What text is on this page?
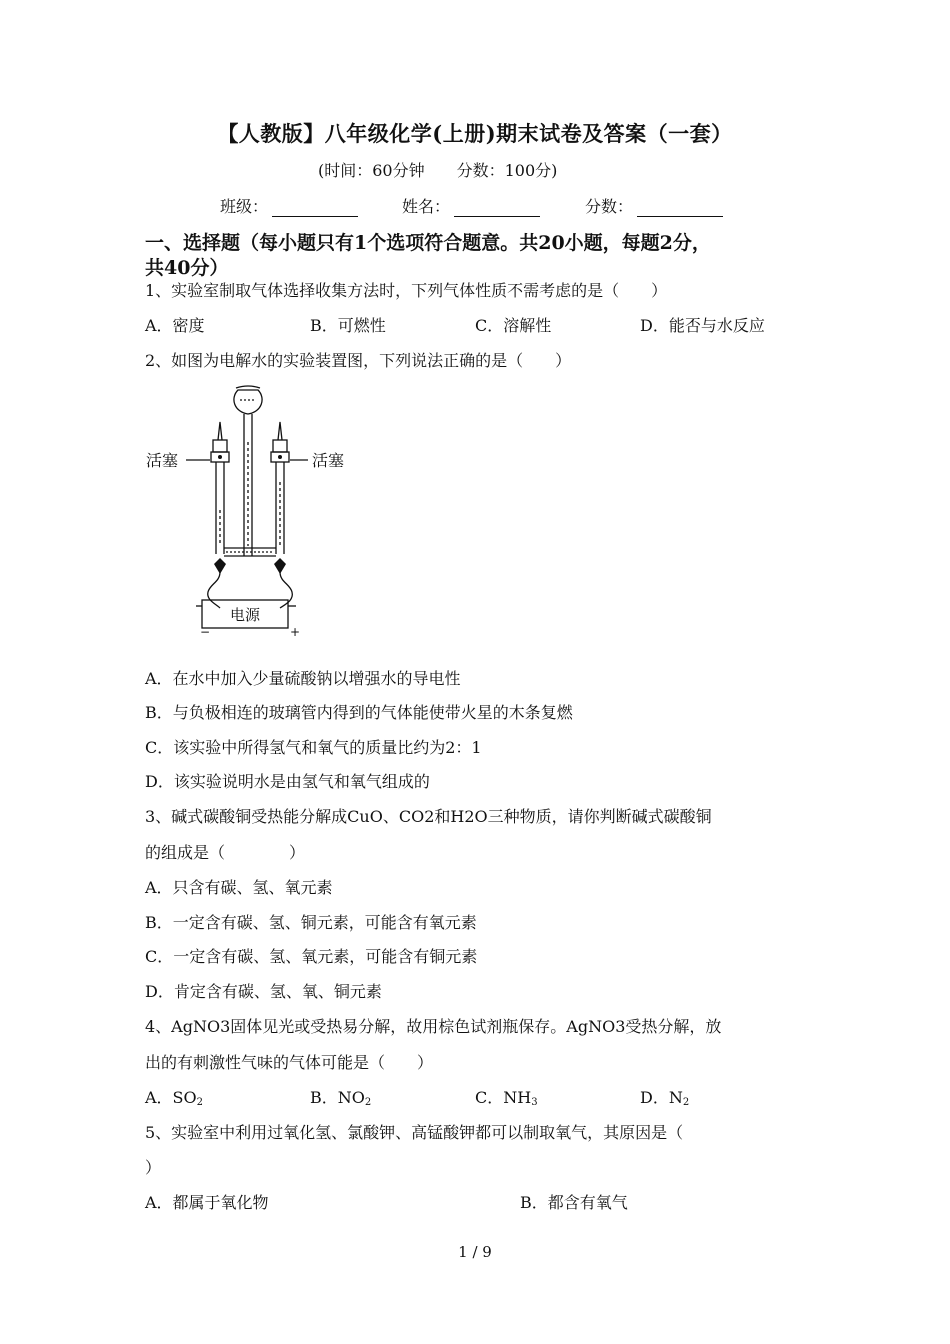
【人教版】八年级化学(上册)期末试卷及答案（一套）
(时间：60分钟　　分数：100分)
班级：	姓名：	分数：
一、选择题（每小题只有1个选项符合题意。共20小题，每题2分，
共40分）
1、实验室制取气体选择收集方法时，下列气体性质不需考虑的是（　　）
A．密度	B．可燃性	C．溶解性	D．能否与水反应
2、如图为电解水的实验装置图，下列说法正确的是（　　）
活塞	活塞
电源
−	+
A．在水中加入少量硫酸钠以增强水的导电性
B．与负极相连的玻璃管内得到的气体能使带火星的木条复燃
C．该实验中所得氢气和氧气的质量比约为2：1
D．该实验说明水是由氢气和氧气组成的
3、碱式碳酸铜受热能分解成CuO、CO2和H2O三种物质，请你判断碱式碳酸铜
的组成是（　　　　）
A．只含有碳、氢、氧元素
B．一定含有碳、氢、铜元素，可能含有氧元素
C．一定含有碳、氢、氧元素，可能含有铜元素
D．肯定含有碳、氢、氧、铜元素
4、AgNO3固体见光或受热易分解，故用棕色试剂瓶保存。AgNO3受热分解，放
出的有刺激性气味的气体可能是（　　）
A．$SO_2$	B．$NO_2$	C．$NH_3$	D．$N_2$
5、实验室中利用过氧化氢、氯酸钾、高锰酸钾都可以制取氧气，其原因是（
）
A．都属于氧化物	B．都含有氧气
1 / 9
